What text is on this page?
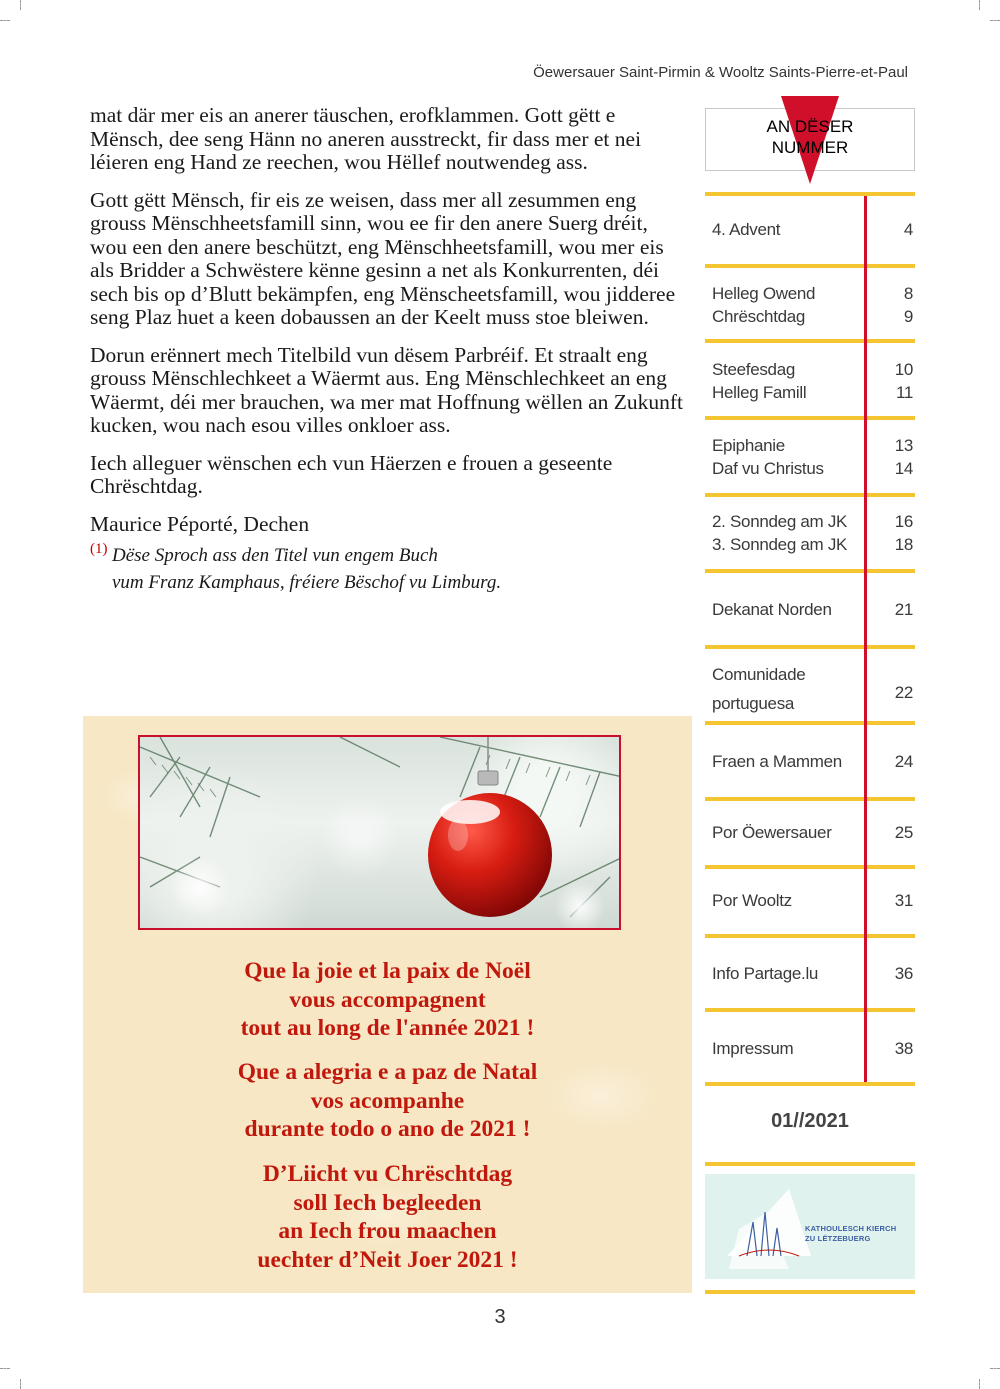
Öewersauer Saint-Pirmin & Wooltz Saints-Pierre-et-Paul

mat där mer eis an anerer täuschen, erofklammen. Gott gëtt e Mënsch, dee seng Hänn no aneren ausstreckt, fir dass mer et nei léieren eng Hand ze reechen, wou Hëllef noutwendeg ass.

Gott gëtt Mënsch, fir eis ze weisen, dass mer all zesummen eng grouss Mënschheetsfamill sinn, wou ee fir den anere Suerg dréit, wou een den anere beschützt, eng Mënschheetsfamill, wou mer eis als Bridder a Schwëstere kënne gesinn a net als Konkurrenten, déi sech bis op d’Blutt bekämpfen, eng Mënscheetsfamill, wou jidderee seng Plaz huet a keen dobaussen an der Keelt muss stoe bleiwen.

Dorun erënnert mech Titelbild vun dësem Parbréif. Et straalt eng grouss Mënschlechkeet a Wäermt aus. Eng Mënschlechkeet an eng Wäermt, déi mer brauchen, wa mer mat Hoffnung wëllen an Zukunft kucken, wou nach esou villes onkloer ass.

Iech alleguer wënschen ech vun Häerzen e frouen a geseente Chrëschtdag.

Maurice Péporté, Dechen

(1) Dëse Sproch ass den Titel vun engem Buch
vum Franz Kamphaus, fréiere Bëschof vu Limburg.
Que la joie et la paix de Noël
vous accompagnent
tout au long de l'année 2021 !
Que a alegria e a paz de Natal
vos acompanhe
durante todo o ano de 2021 !
D’Liicht vu Chrëschtdag
soll Iech begleeden
an Iech frou maachen
uechter d’Neit Joer 2021 !
AN DËSER
NUMMER
4. Advent	4
Helleg Owend	8
Chrëschtdag	9
Steefesdag	10
Helleg Famill	11
Epiphanie	13
Daf vu Christus	14
2. Sonndeg am JK	16
3. Sonndeg am JK	18
Dekanat Norden	21
Comunidade
portuguesa
22
Fraen a Mammen	24
Por Öewersauer	25
Por Wooltz	31
Info Partage.lu	36
Impressum	38
01//2021
KATHOULESCH KIERCH
ZU LËTZEBUERG
3
